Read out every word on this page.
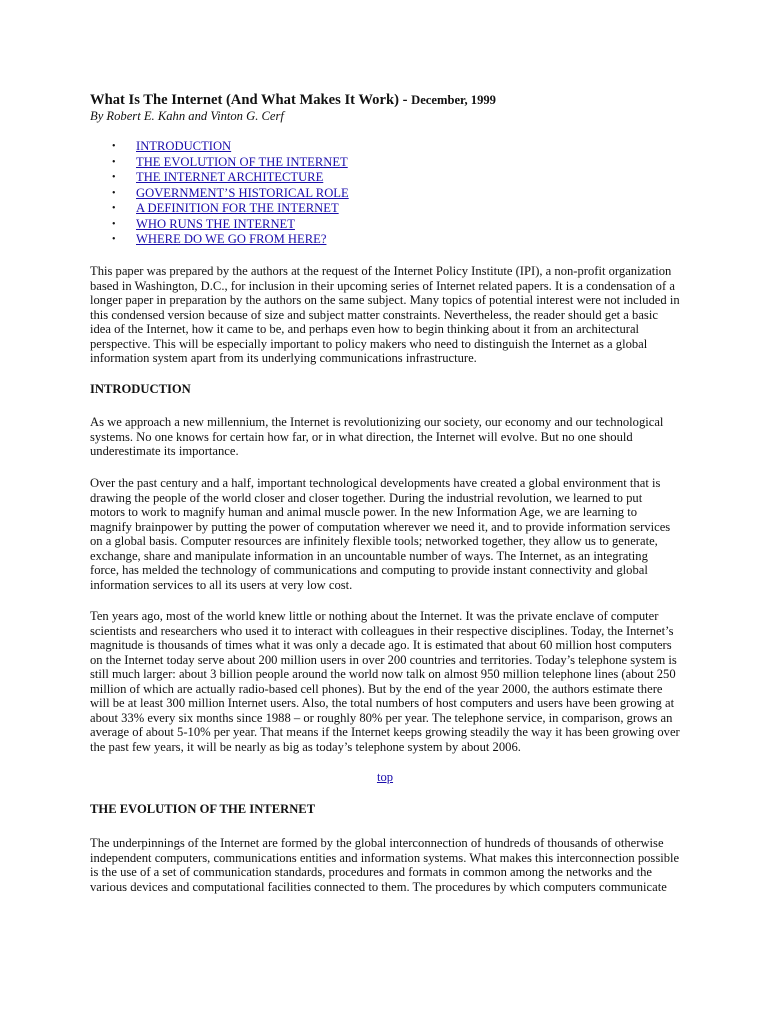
What Is The Internet (And What Makes It Work) - December, 1999

By Robert E. Kahn and Vinton G. Cerf

• INTRODUCTION
• THE EVOLUTION OF THE INTERNET
• THE INTERNET ARCHITECTURE
• GOVERNMENT’S HISTORICAL ROLE
• A DEFINITION FOR THE INTERNET
• WHO RUNS THE INTERNET
• WHERE DO WE GO FROM HERE?

This paper was prepared by the authors at the request of the Internet Policy Institute (IPI), a non-profit organization based in Washington, D.C., for inclusion in their upcoming series of Internet related papers. It is a condensation of a longer paper in preparation by the authors on the same subject. Many topics of potential interest were not included in this condensed version because of size and subject matter constraints. Nevertheless, the reader should get a basic idea of the Internet, how it came to be, and perhaps even how to begin thinking about it from an architectural perspective. This will be especially important to policy makers who need to distinguish the Internet as a global information system apart from its underlying communications infrastructure.

INTRODUCTION

As we approach a new millennium, the Internet is revolutionizing our society, our economy and our technological systems. No one knows for certain how far, or in what direction, the Internet will evolve. But no one should underestimate its importance.

Over the past century and a half, important technological developments have created a global environment that is drawing the people of the world closer and closer together. During the industrial revolution, we learned to put motors to work to magnify human and animal muscle power. In the new Information Age, we are learning to magnify brainpower by putting the power of computation wherever we need it, and to provide information services on a global basis. Computer resources are infinitely flexible tools; networked together, they allow us to generate, exchange, share and manipulate information in an uncountable number of ways. The Internet, as an integrating force, has melded the technology of communications and computing to provide instant connectivity and global information services to all its users at very low cost.

Ten years ago, most of the world knew little or nothing about the Internet. It was the private enclave of computer scientists and researchers who used it to interact with colleagues in their respective disciplines. Today, the Internet’s magnitude is thousands of times what it was only a decade ago. It is estimated that about 60 million host computers on the Internet today serve about 200 million users in over 200 countries and territories. Today’s telephone system is still much larger: about 3 billion people around the world now talk on almost 950 million telephone lines (about 250 million of which are actually radio-based cell phones). But by the end of the year 2000, the authors estimate there will be at least 300 million Internet users. Also, the total numbers of host computers and users have been growing at about 33% every six months since 1988 – or roughly 80% per year. The telephone service, in comparison, grows an average of about 5-10% per year. That means if the Internet keeps growing steadily the way it has been growing over the past few years, it will be nearly as big as today’s telephone system by about 2006.

top
THE EVOLUTION OF THE INTERNET

The underpinnings of the Internet are formed by the global interconnection of hundreds of thousands of otherwise independent computers, communications entities and information systems. What makes this interconnection possible is the use of a set of communication standards, procedures and formats in common among the networks and the various devices and computational facilities connected to them. The procedures by which computers communicate
